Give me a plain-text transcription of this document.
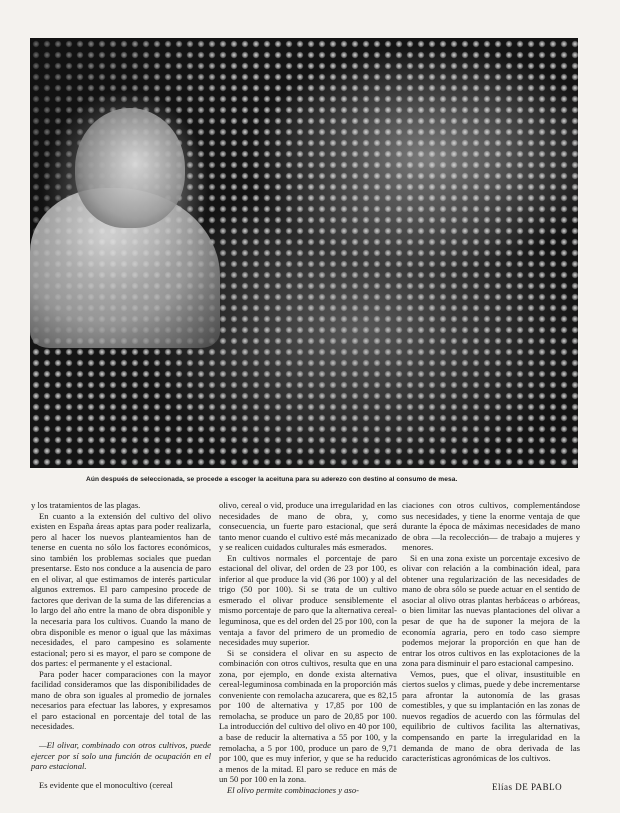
Aún después de seleccionada, se procede a escoger la aceituna para su aderezo con destino al consumo de mesa.

y los tratamientos de las plagas.

En cuanto a la extensión del cultivo del olivo existen en España áreas aptas para poder realizarla, pero al hacer los nuevos planteamientos han de tenerse en cuenta no sólo los factores económicos, sino también los problemas sociales que puedan presentarse. Esto nos conduce a la ausencia de paro en el olivar, al que estimamos de interés particular algunos extremos. El paro campesino procede de factores que derivan de la suma de las diferencias a lo largo del año entre la mano de obra disponible y la necesaria para los cultivos. Cuando la mano de obra disponible es menor o igual que las máximas necesidades, el paro campesino es solamente estacional; pero si es mayor, el paro se compone de dos partes: el permanente y el estacional.

Para poder hacer comparaciones con la mayor facilidad consideramos que las disponibilidades de mano de obra son iguales al promedio de jornales necesarios para efectuar las labores, y expresamos el paro estacional en porcentaje del total de las necesidades.

—El olivar, combinado con otros cultivos, puede ejercer por sí solo una función de ocupación en el paro estacional.

Es evidente que el monocultivo (cereal

olivo, cereal o vid, produce una irregularidad en las necesidades de mano de obra, y, como consecuencia, un fuerte paro estacional, que será tanto menor cuando el cultivo esté más mecanizado y se realicen cuidados culturales más esmerados.

En cultivos normales el porcentaje de paro estacional del olivar, del orden de 23 por 100, es inferior al que produce la vid (36 por 100) y al del trigo (50 por 100). Si se trata de un cultivo esmerado el olivar produce sensiblemente el mismo porcentaje de paro que la alternativa cereal-leguminosa, que es del orden del 25 por 100, con la ventaja a favor del primero de un promedio de necesidades muy superior.

Si se considera el olivar en su aspecto de combinación con otros cultivos, resulta que en una zona, por ejemplo, en donde exista alternativa cereal-leguminosa combinada en la proporción más conveniente con remolacha azucarera, que es 82,15 por 100 de alternativa y 17,85 por 100 de remolacha, se produce un paro de 20,85 por 100. La introducción del cultivo del olivo en 40 por 100, a base de reducir la alternativa a 55 por 100, y la remolacha, a 5 por 100, produce un paro de 9,71 por 100, que es muy inferior, y que se ha reducido a menos de la mitad. El paro se reduce en más de un 50 por 100 en la zona.

El olivo permite combinaciones y aso-

ciaciones con otros cultivos, complementándose sus necesidades, y tiene la enorme ventaja de que durante la época de máximas necesidades de mano de obra —la recolección— de trabajo a mujeres y menores.

Si en una zona existe un porcentaje excesivo de olivar con relación a la combinación ideal, para obtener una regularización de las necesidades de mano de obra sólo se puede actuar en el sentido de asociar al olivo otras plantas herbáceas o arbóreas, o bien limitar las nuevas plantaciones del olivar a pesar de que ha de suponer la mejora de la economía agraria, pero en todo caso siempre podemos mejorar la proporción en que han de entrar los otros cultivos en las explotaciones de la zona para disminuir el paro estacional campesino.

Vemos, pues, que el olivar, insustituible en ciertos suelos y climas, puede y debe incrementarse para afrontar la autonomía de las grasas comestibles, y que su implantación en las zonas de nuevos regadíos de acuerdo con las fórmulas del equilibrio de cultivos facilita las alternativas, compensando en parte la irregularidad en la demanda de mano de obra derivada de las características agronómicas de los cultivos.

Elías DE PABLO
